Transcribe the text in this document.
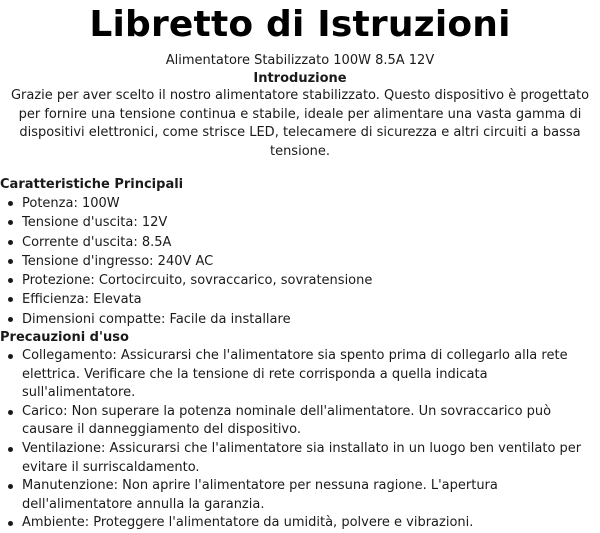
Libretto di Istruzioni
Alimentatore Stabilizzato 100W 8.5A 12V
Introduzione
Grazie per aver scelto il nostro alimentatore stabilizzato. Questo dispositivo è progettato per fornire una tensione continua e stabile, ideale per alimentare una vasta gamma di dispositivi elettronici, come strisce LED, telecamere di sicurezza e altri circuiti a bassa tensione.
Caratteristiche Principali
Potenza: 100W
Tensione d'uscita: 12V
Corrente d'uscita: 8.5A
Tensione d'ingresso: 240V AC
Protezione: Cortocircuito, sovraccarico, sovratensione
Efficienza: Elevata
Dimensioni compatte: Facile da installare
Precauzioni d'uso
Collegamento: Assicurarsi che l'alimentatore sia spento prima di collegarlo alla rete elettrica. Verificare che la tensione di rete corrisponda a quella indicata sull'alimentatore.
Carico: Non superare la potenza nominale dell'alimentatore. Un sovraccarico può causare il danneggiamento del dispositivo.
Ventilazione: Assicurarsi che l'alimentatore sia installato in un luogo ben ventilato per evitare il surriscaldamento.
Manutenzione: Non aprire l'alimentatore per nessuna ragione. L'apertura dell'alimentatore annulla la garanzia.
Ambiente: Proteggere l'alimentatore da umidità, polvere e vibrazioni.
